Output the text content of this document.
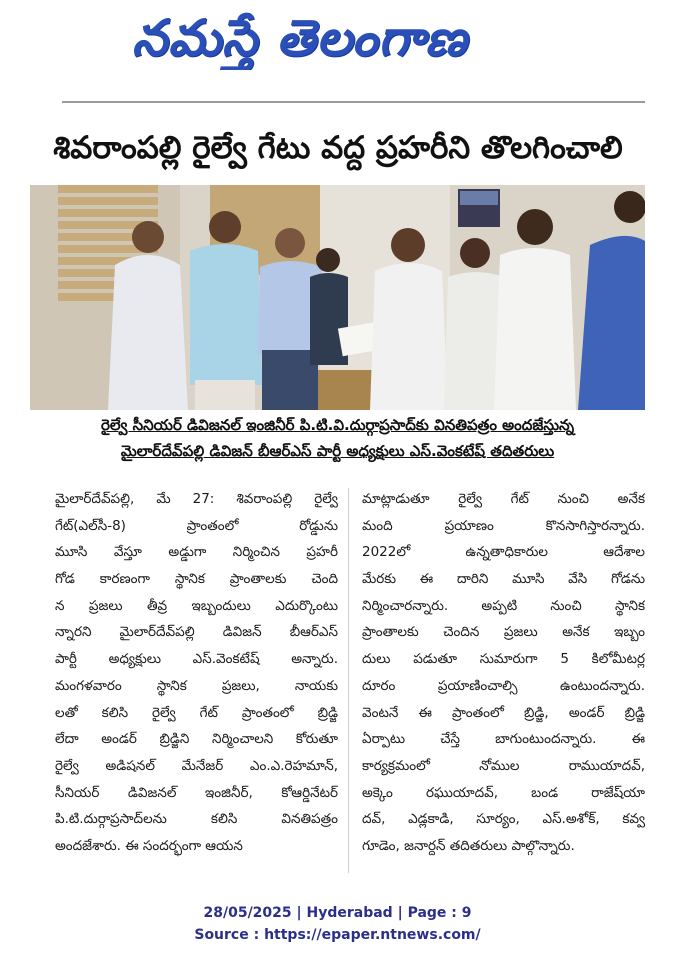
నమస్తే తెలంగాణ
శివరాంపల్లి రైల్వే గేటు వద్ద ప్రహరీని తొలగించాలి
రైల్వే సీనియర్ డివిజనల్ ఇంజినీర్ పి.టి.వి.దుర్గాప్రసాద్‌కు వినతిపత్రం అందజేస్తున్న
మైలార్‌దేవ్‌పల్లి డివిజన్ బీఆర్ఎస్ పార్టీ అధ్యక్షులు ఎస్.వెంకటేష్ తదితరులు
మైలార్‌దేవ్‌పల్లి, మే 27: శివరాంపల్లి రైల్వే
గేట్(ఎల్‌సీ-8) ప్రాంతంలో రోడ్డును
మూసి వేస్తూ అడ్డుగా నిర్మించిన ప్రహరీ
గోడ కారణంగా స్థానిక ప్రాంతాలకు చెంది
న ప్రజలు తీవ్ర ఇబ్బందులు ఎదుర్కొంటు
న్నారని మైలార్‌దేవ్‌పల్లి డివిజన్ బీఆర్ఎస్
పార్టీ అధ్యక్షులు ఎస్.వెంకటేష్ అన్నారు.
మంగళవారం స్థానిక ప్రజలు, నాయకు
లతో కలిసి రైల్వే గేట్ ప్రాంతంలో బ్రిడ్జి
లేదా అండర్ బ్రిడ్జిని నిర్మించాలని కోరుతూ
రైల్వే అడిషనల్ మేనేజర్ ఎం.ఎ.రెహమాన్,
సీనియర్ డివిజనల్ ఇంజినీర్, కోఆర్డినేటర్
పి.టి.దుర్గాప్రసాద్‌లను కలిసి వినతిపత్రం
అందజేశారు. ఈ సందర్భంగా ఆయన
మాట్లాడుతూ రైల్వే గేట్ నుంచి అనేక
మంది ప్రయాణం కొనసాగిస్తారన్నారు.
2022లో ఉన్నతాధికారుల ఆదేశాల
మేరకు ఈ దారిని మూసి వేసి గోడను
నిర్మించారన్నారు. అప్పటి నుంచి స్థానిక
ప్రాంతాలకు చెందిన ప్రజలు అనేక ఇబ్బం
దులు పడుతూ సుమారుగా 5 కిలోమీటర్ల
దూరం ప్రయాణించాల్సి ఉంటుందన్నారు.
వెంటనే ఈ ప్రాంతంలో బ్రిడ్జి, అండర్ బ్రిడ్జి
ఏర్పాటు చేస్తే బాగుంటుందన్నారు. ఈ
కార్యక్రమంలో నోముల రాముయాదవ్,
అక్కెం రఘుయాదవ్, బండ రాజేష్‌యా
దవ్, ఎడ్లకాడి, సూర్యం, ఎస్.అశోక్, కవ్వ
గూడెం, జనార్దన్ తదితరులు పాల్గొన్నారు.
28/05/2025 | Hyderabad | Page : 9
Source : https://epaper.ntnews.com/
